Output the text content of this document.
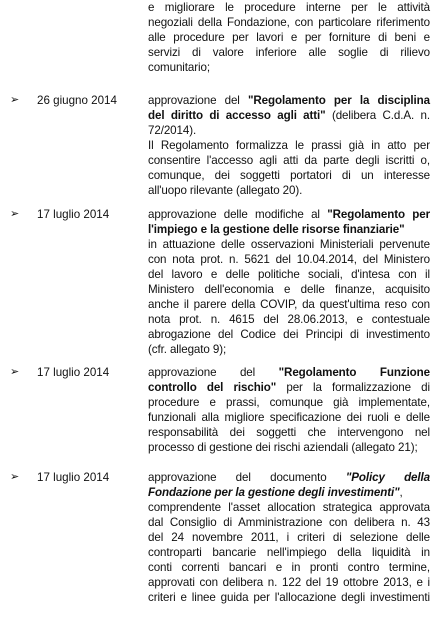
e migliorare le procedure interne per le attività
negoziali della Fondazione, con particolare riferimento
alle procedure per lavori e per forniture di beni e
servizi di valore inferiore alle soglie di rilievo
comunitario;
➢ 26 giugno 2014	approvazione del "Regolamento per la disciplina
del diritto di accesso agli atti" (delibera C.d.A. n.
72/2014).
Il Regolamento formalizza le prassi già in atto per
consentire l'accesso agli atti da parte degli iscritti o,
comunque, dei soggetti portatori di un interesse
all'uopo rilevante (allegato 20).
➢ 17 luglio 2014	approvazione delle modifiche al "Regolamento per
l'impiego e la gestione delle risorse finanziarie"
in attuazione delle osservazioni Ministeriali pervenute
con nota prot. n. 5621 del 10.04.2014, del Ministero
del lavoro e delle politiche sociali, d'intesa con il
Ministero dell'economia e delle finanze, acquisito
anche il parere della COVIP, da quest'ultima reso con
nota prot. n. 4615 del 28.06.2013, e contestuale
abrogazione del Codice dei Principi di investimento
(cfr. allegato 9);
➢ 17 luglio 2014	approvazione del "Regolamento Funzione
controllo del rischio" per la formalizzazione di
procedure e prassi, comunque già implementate,
funzionali alla migliore specificazione dei ruoli e delle
responsabilità dei soggetti che intervengono nel
processo di gestione dei rischi aziendali (allegato 21);
➢ 17 luglio 2014	approvazione del documento "Policy della
Fondazione per la gestione degli investimenti",
comprendente l'asset allocation strategica approvata
dal Consiglio di Amministrazione con delibera n. 43
del 24 novembre 2011, i criteri di selezione delle
controparti bancarie nell'impiego della liquidità in
conti correnti bancari e in pronti contro termine,
approvati con delibera n. 122 del 19 ottobre 2013, e i
criteri e linee guida per l'allocazione degli investimenti
